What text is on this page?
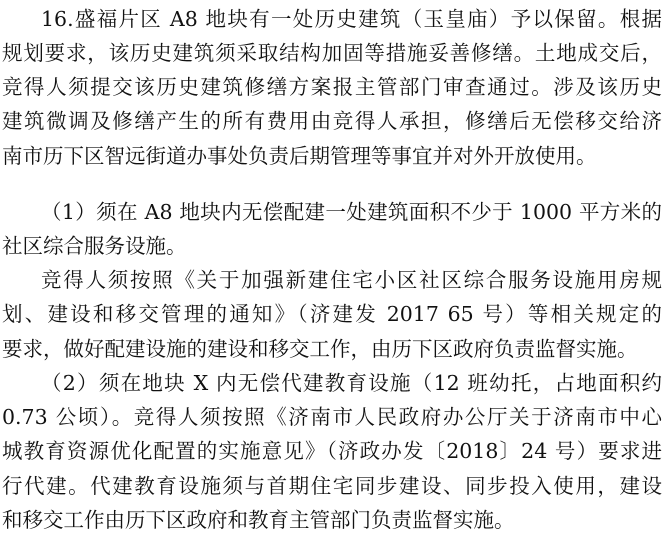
16.盛福片区 A8 地块有一处历史建筑（玉皇庙）予以保留。根据
规划要求，该历史建筑须采取结构加固等措施妥善修缮。土地成交后，
竞得人须提交该历史建筑修缮方案报主管部门审查通过。涉及该历史
建筑微调及修缮产生的所有费用由竞得人承担，修缮后无偿移交给济
南市历下区智远街道办事处负责后期管理等事宜并对外开放使用。
（1）须在 A8 地块内无偿配建一处建筑面积不少于 1000 平方米的
社区综合服务设施。
竞得人须按照《关于加强新建住宅小区社区综合服务设施用房规
划、建设和移交管理的通知》（济建发 2017 65 号）等相关规定的
要求，做好配建设施的建设和移交工作，由历下区政府负责监督实施。
（2）须在地块 X 内无偿代建教育设施（12 班幼托，占地面积约
0.73 公顷）。竞得人须按照《济南市人民政府办公厅关于济南市中心
城教育资源优化配置的实施意见》（济政办发〔2018〕24 号）要求进
行代建。代建教育设施须与首期住宅同步建设、同步投入使用，建设
和移交工作由历下区政府和教育主管部门负责监督实施。
